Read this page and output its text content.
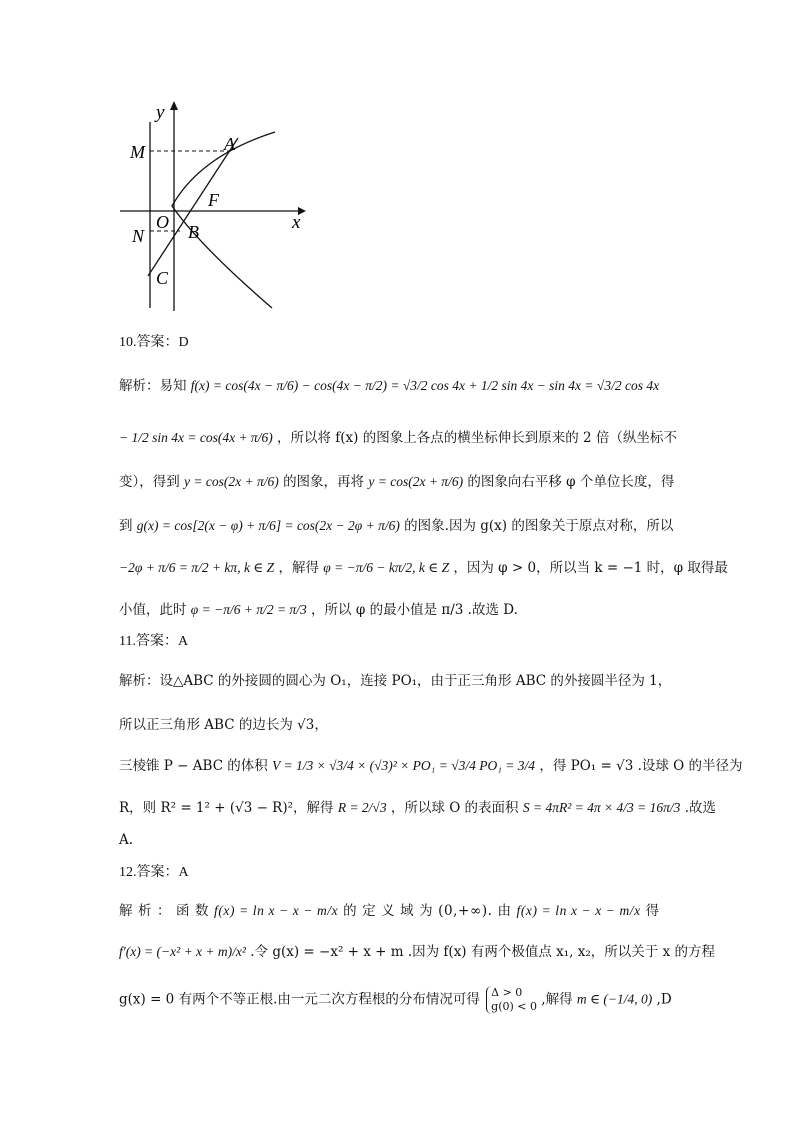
y
x
M	A
F
O
N B
C
10.答案：D
解析：易知 f(x) = cos(4x − π/6) − cos(4x − π/2) = √3/2 cos 4x + 1/2 sin 4x − sin 4x = √3/2 cos 4x
− 1/2 sin 4x = cos(4x + π/6) ，所以将 f(x) 的图象上各点的横坐标伸长到原来的 2 倍（纵坐标不
变），得到 y = cos(2x + π/6) 的图象，再将 y = cos(2x + π/6) 的图象向右平移 φ 个单位长度，得
到 g(x) = cos[2(x − φ) + π/6] = cos(2x − 2φ + π/6) 的图象.因为 g(x) 的图象关于原点对称，所以
−2φ + π/6 = π/2 + kπ, k ∈ Z ，解得 φ = −π/6 − kπ/2, k ∈ Z ，因为 φ > 0，所以当 k = −1 时，φ 取得最
小值，此时 φ = −π/6 + π/2 = π/3 ，所以 φ 的最小值是 π/3 .故选 D.
11.答案：A
解析：设△ABC 的外接圆的圆心为 O₁，连接 PO₁，由于正三角形 ABC 的外接圆半径为 1，
所以正三角形 ABC 的边长为 √3，
三棱锥 P − ABC 的体积 V = 1/3 × √3/4 × (√3)² × PO₁ = √3/4 PO₁ = 3/4 ，得 PO₁ = √3 .设球 O 的半径为
R，则 R² = 1² + (√3 − R)²，解得 R = 2/√3 ，所以球 O 的表面积 S = 4πR² = 4π × 4/3 = 16π/3 .故选
A.
12.答案：A
解 析 ： 函 数 f(x) = ln x − x − m/x 的 定 义 域 为 (0,+∞). 由 f(x) = ln x − x − m/x 得
f′(x) = (−x² + x + m)/x² .令 g(x) = −x² + x + m .因为 f(x) 有两个极值点 x₁, x₂，所以关于 x 的方程
g(x) = 0 有两个不等正根.由一元二次方程根的分布情况可得 Δ > 0
g(0) < 0 ,解得 m ∈ (−1/4, 0) ,D
